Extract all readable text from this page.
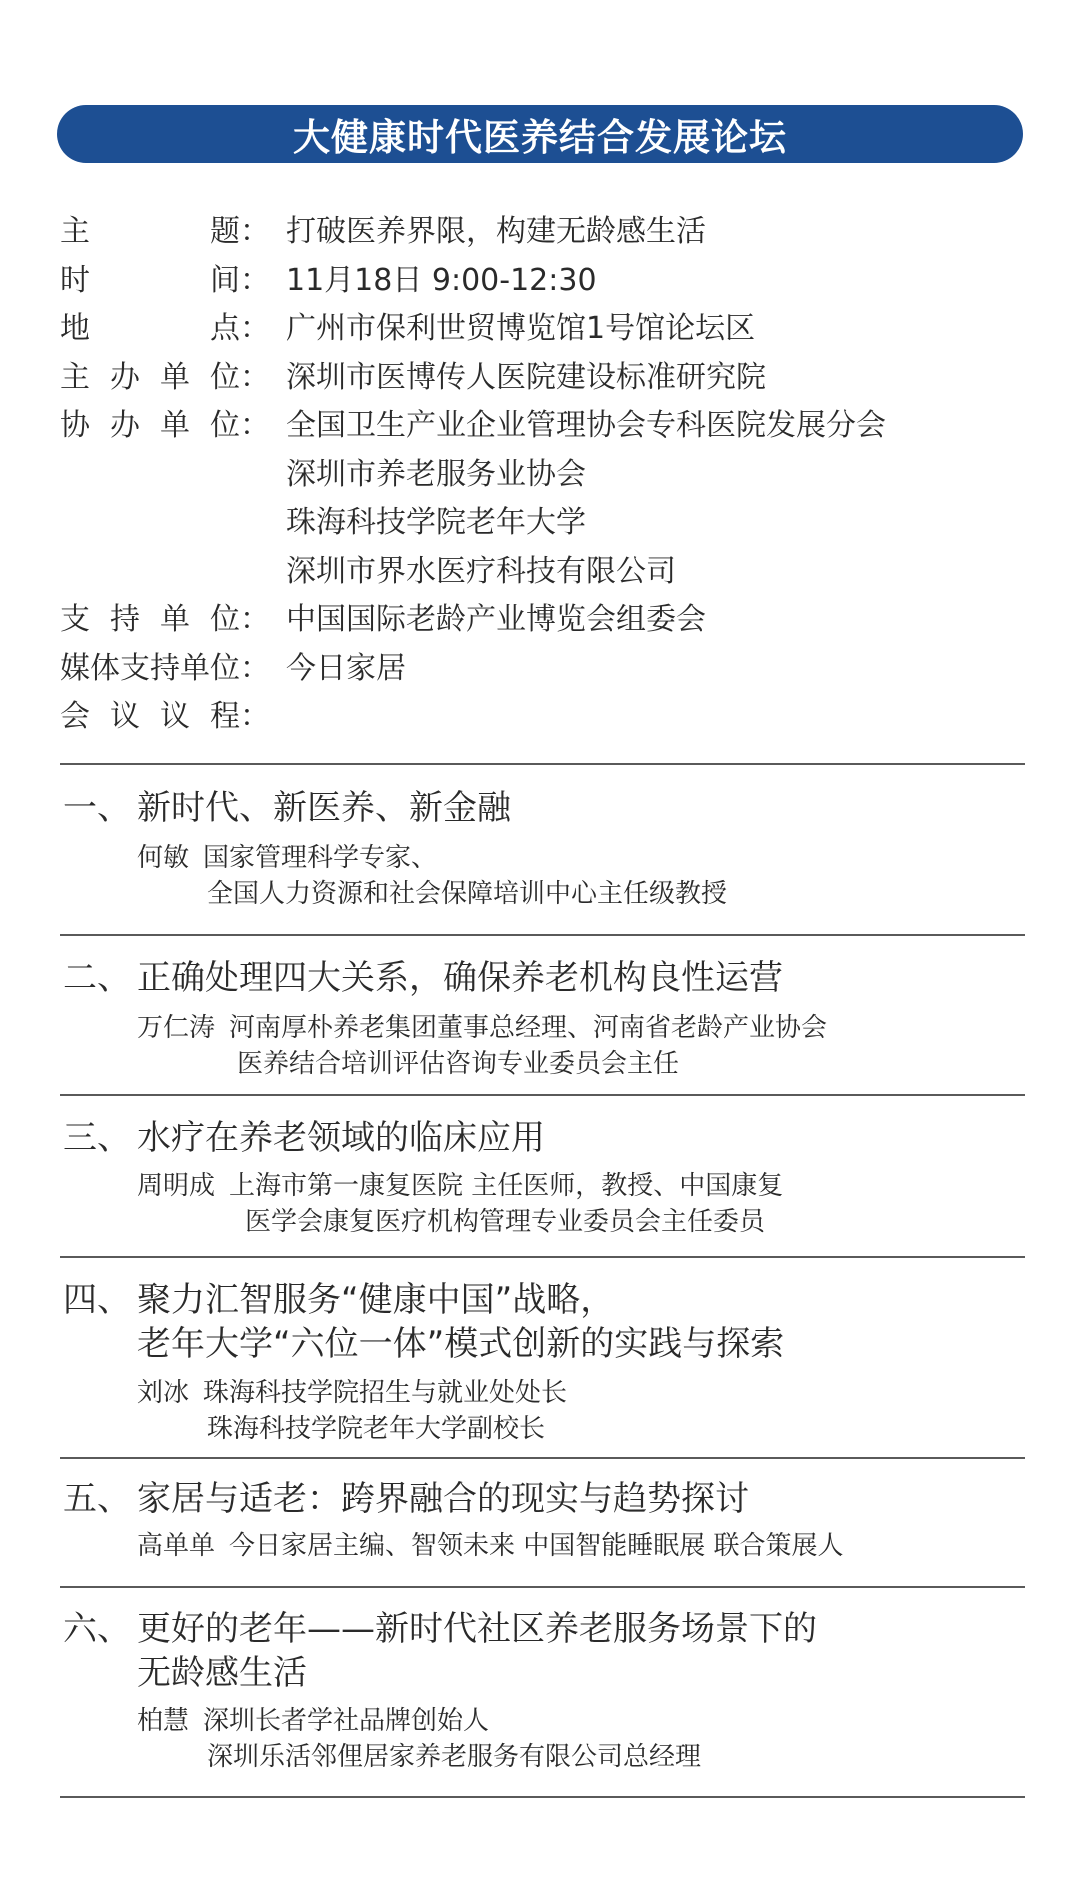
大健康时代医养结合发展论坛
主	题： 打破医养界限，构建无龄感生活
时	间： 11月18日 9:00-12:30
地	点： 广州市保利世贸博览馆1号馆论坛区
主 办 单 位： 深圳市医博传人医院建设标准研究院
协 办 单 位： 全国卫生产业企业管理协会专科医院发展分会
深圳市养老服务业协会
珠海科技学院老年大学
深圳市界水医疗科技有限公司
支 持 单 位： 中国国际老龄产业博览会组委会
媒体支持单位： 今日家居
会 议 议 程：
一、 新时代、新医养、新金融
何敏 国家管理科学专家、
全国人力资源和社会保障培训中心主任级教授
二、 正确处理四大关系，确保养老机构良性运营
万仁涛 河南厚朴养老集团董事总经理、河南省老龄产业协会
医养结合培训评估咨询专业委员会主任
三、 水疗在养老领域的临床应用
周明成 上海市第一康复医院 主任医师，教授、中国康复
医学会康复医疗机构管理专业委员会主任委员
四、 聚力汇智服务“健康中国”战略，
老年大学“六位一体”模式创新的实践与探索
刘冰 珠海科技学院招生与就业处处长
珠海科技学院老年大学副校长
五、 家居与适老：跨界融合的现实与趋势探讨
高单单 今日家居主编、智领未来 中国智能睡眠展 联合策展人
六、 更好的老年——新时代社区养老服务场景下的
无龄感生活
柏慧 深圳长者学社品牌创始人
深圳乐活邻俚居家养老服务有限公司总经理
